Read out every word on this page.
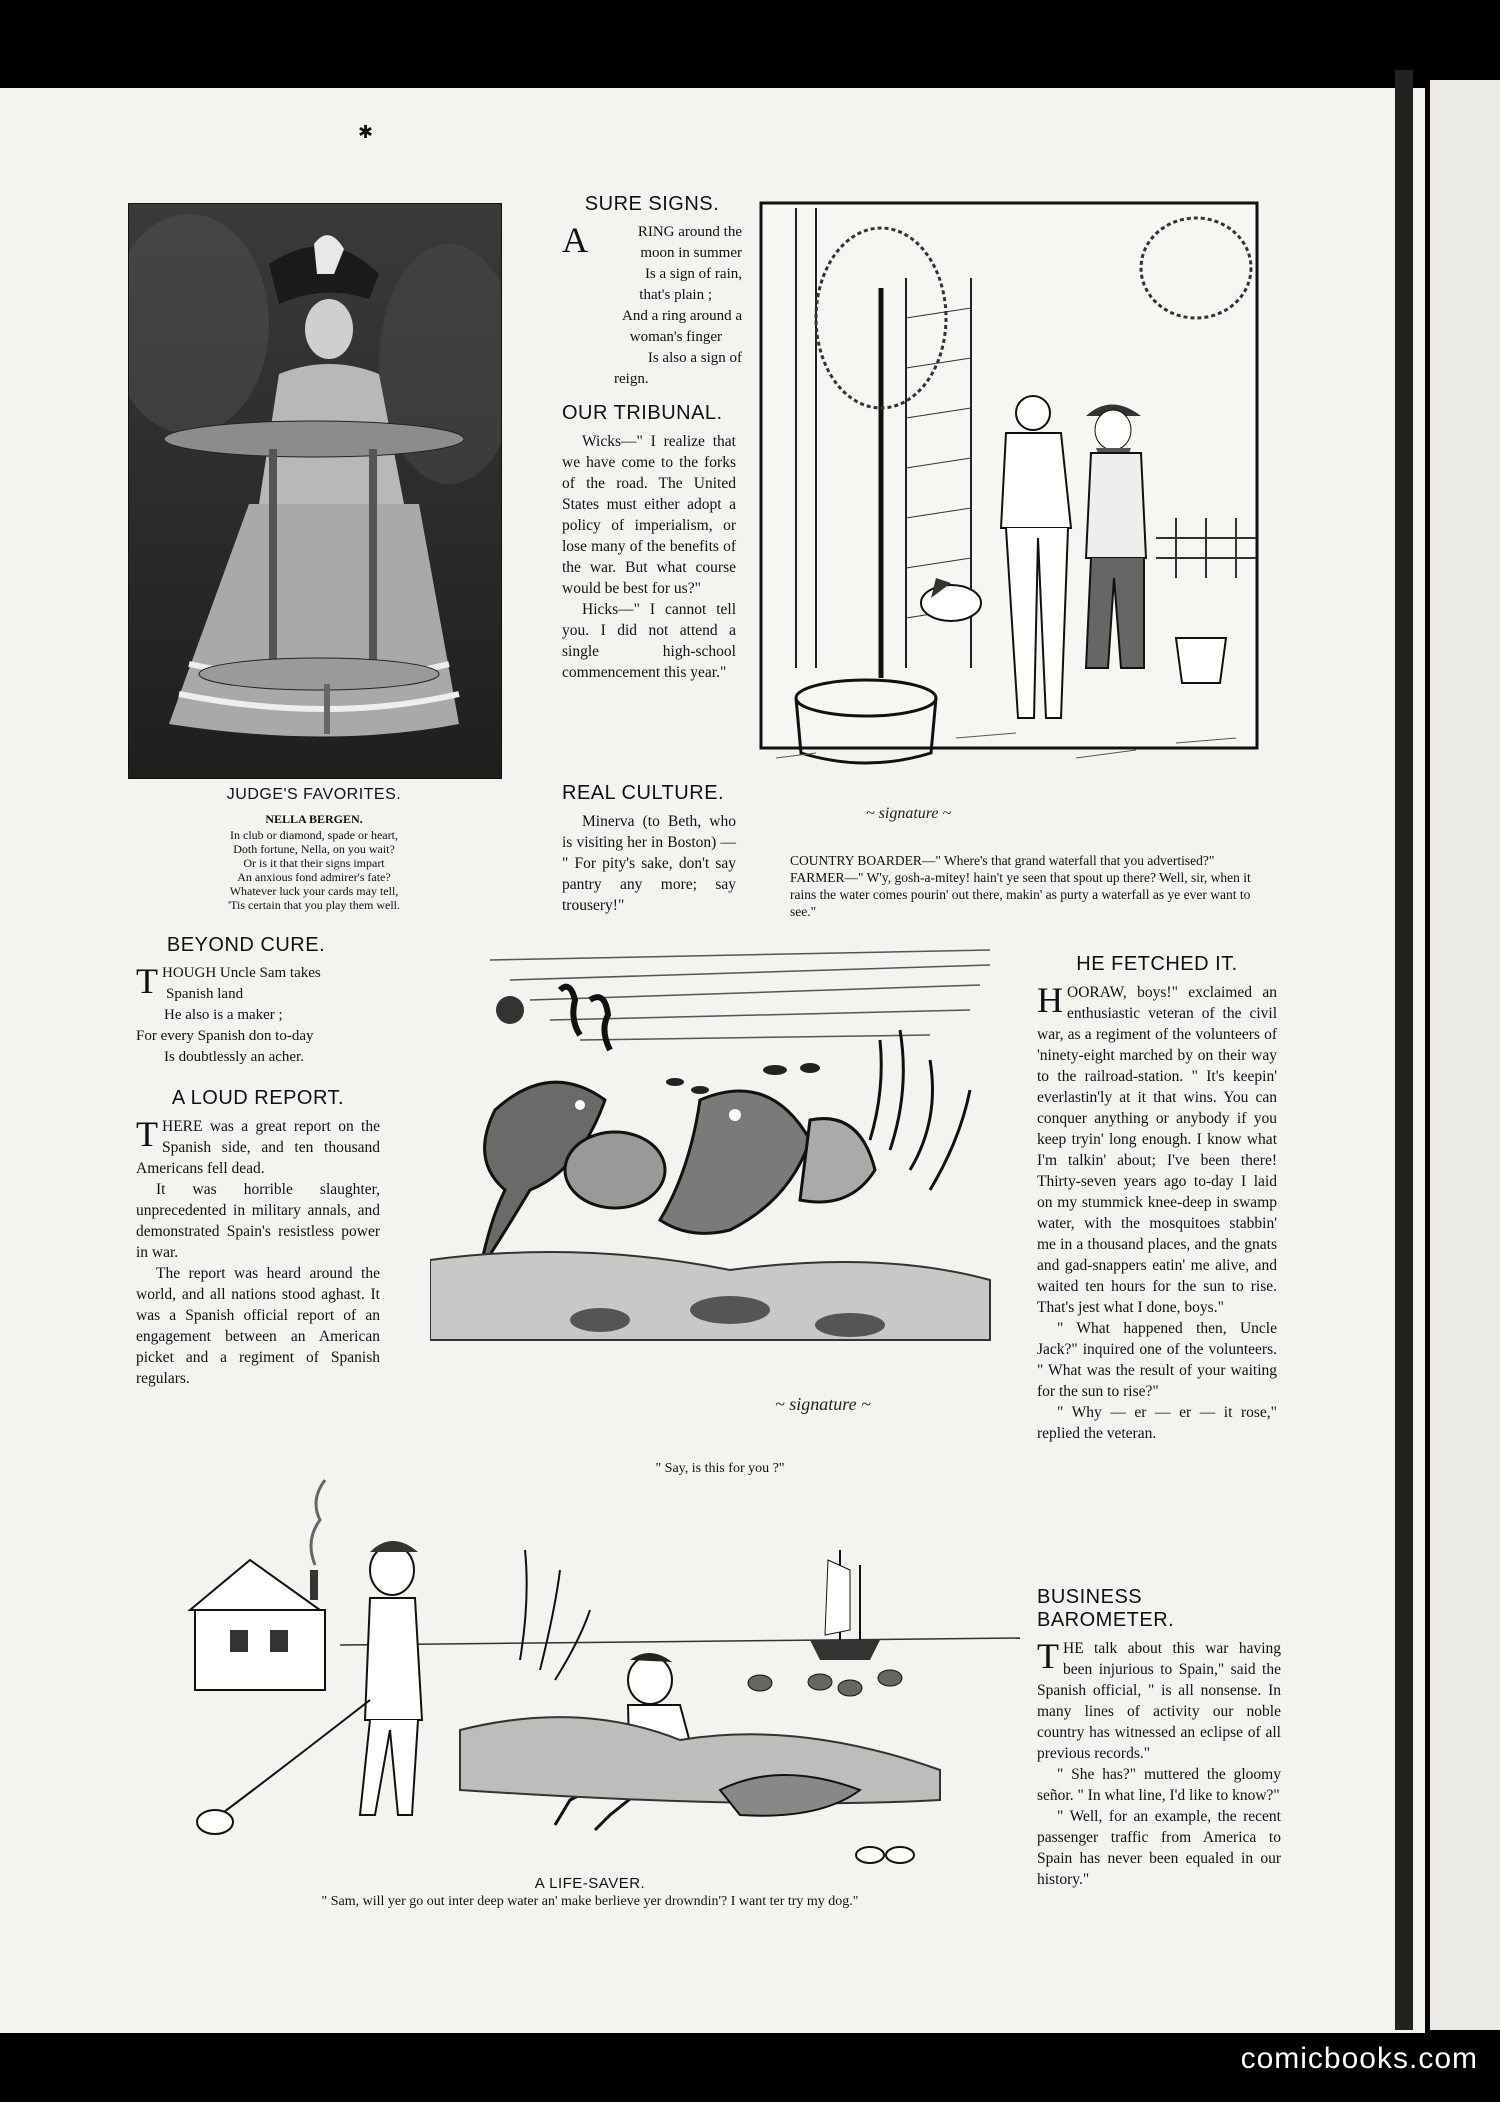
✱
JUDGE'S FAVORITES.
NELLA BERGEN.
In club or diamond, spade or heart,
Doth fortune, Nella, on you wait?
Or is it that their signs impart
An anxious fond admirer's fate?
Whatever luck your cards may tell,
'Tis certain that you play them well.
SURE SIGNS.
A	RING around the
moon in summer
Is a sign of rain,
that's plain ;
And a ring around a
woman's finger
Is also a sign of
reign.
OUR TRIBUNAL.

Wicks—" I realize that we have come to the forks of the road. The United States must either adopt a policy of imperialism, or lose many of the benefits of the war. But what course would be best for us?"

Hicks—" I cannot tell you. I did not attend a single high-school commencement this year."

REAL CULTURE.

Minerva (to Beth, who is visiting her in Boston) — " For pity's sake, don't say pantry any more; say trousery!"

~ signature ~
COUNTRY BOARDER—" Where's that grand waterfall that you advertised?"
FARMER—" W'y, gosh-a-mitey! hain't ye seen that spout up there? Well, sir, when it rains the water comes pourin' out there, makin' as purty a waterfall as ye ever want to see."
BEYOND CURE.
T HOUGH Uncle Sam takes
Spanish land
He also is a maker ;
For every Spanish don to-day
Is doubtlessly an acher.
A LOUD REPORT.
T HERE was a great report on the Spanish side, and ten thousand Americans fell dead.

It was horrible slaughter, unprecedented in military annals, and demonstrated Spain's resistless power in war.

The report was heard around the world, and all nations stood aghast. It was a Spanish official report of an engagement between an American picket and a regiment of Spanish regulars.

~ signature ~
" Say, is this for you ?"
HE FETCHED IT.
H OORAW, boys!" exclaimed an enthusiastic veteran of the civil war, as a regiment of the volunteers of 'ninety-eight marched by on their way to the railroad-station. " It's keepin' everlastin'ly at it that wins. You can conquer anything or anybody if you keep tryin' long enough. I know what I'm talkin' about; I've been there! Thirty-seven years ago to-day I laid on my stummick knee-deep in swamp water, with the mosquitoes stabbin' me in a thousand places, and the gnats and gad-snappers eatin' me alive, and waited ten hours for the sun to rise. That's jest what I done, boys."

" What happened then, Uncle Jack?" inquired one of the volunteers. " What was the result of your waiting for the sun to rise?"

" Why — er — er — it rose," replied the veteran.

BUSINESS BAROMETER.
T HE talk about this war having been injurious to Spain," said the Spanish official, " is all nonsense. In many lines of activity our noble country has witnessed an eclipse of all previous records."

" She has?" muttered the gloomy señor. " In what line, I'd like to know?"

" Well, for an example, the recent passenger traffic from America to Spain has never been equaled in our history."

A LIFE-SAVER.
" Sam, will yer go out inter deep water an' make berlieve yer drowndin'? I want ter try my dog."
comicbooks.com
